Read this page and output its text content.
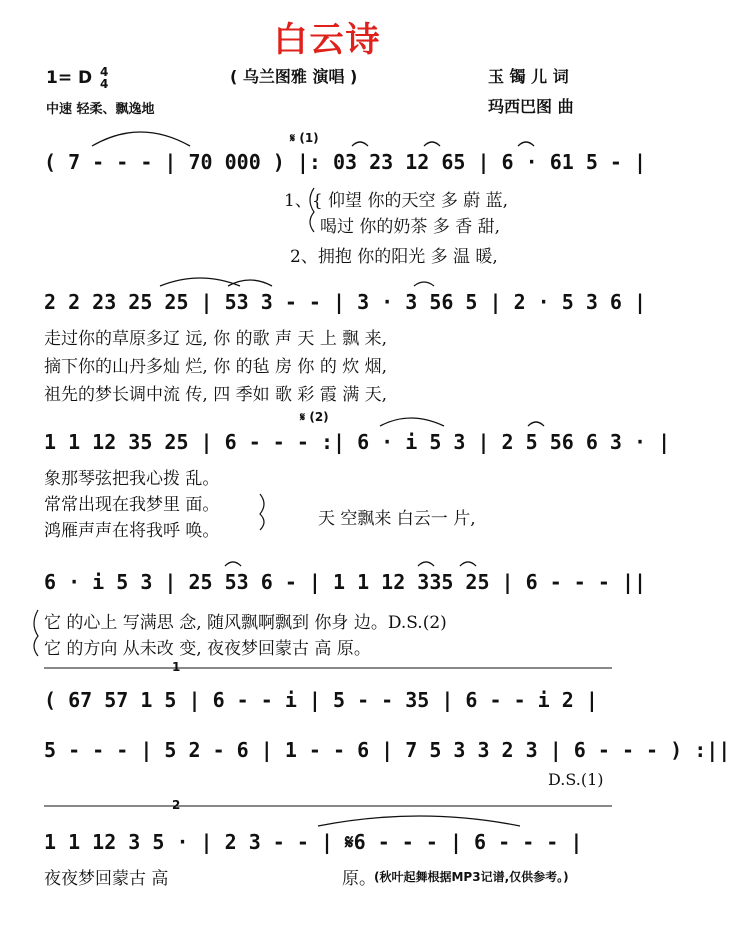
白云诗
( 乌兰图雅 演唱 )	玉 镯 儿 词
玛西巴图 曲
1= D 4
4
中速 轻柔、飘逸地
𝄋 (1)
( 7 - - - | 70 000 ) |: 03 23 12 65 | 6 · 61 5 - |
1、{ 仰望 你的天空 多 蔚 蓝,
喝过 你的奶茶 多 香 甜,
2、拥抱 你的阳光 多 温 暖,
2 2 23 25 25 | 53 3 - - | 3 · 3 56 5 | 2 · 5 3 6 |
走过你的草原多辽 远, 你 的歌 声 天 上 飘 来,
摘下你的山丹多灿 烂, 你 的毡 房 你 的 炊 烟,
祖先的梦长调中流 传, 四 季如 歌 彩 霞 满 天,
𝄋 (2)
1 1 12 35 25 | 6 - - - :| 6 · i 5 3 | 2 5 56 6 3 · |
象那琴弦把我心拨 乱。
常常出现在我梦里 面。
鸿雁声声在将我呼 唤。
天 空飘来 白云一 片,
6 · i 5 3 | 25 53 6 - | 1 1 12 335 25 | 6 - - - ||
它 的心上 写满思 念, 随风飘啊飘到 你身 边。D.S.(2)
它 的方向 从未改 变, 夜夜梦回蒙古 高 原。
1
( 67 57 1 5 | 6 - - i | 5 - - 35 | 6 - - i 2 |
5 - - - | 5 2 - 6 | 1 - - 6 | 7 5 3 3 2 3 | 6 - - - ) :||
D.S.(1)
2
1 1 12 3 5 · | 2 3 - - | 𝄋6 - - - | 6 - - - |
夜夜梦回蒙古 高	原。
(秋叶起舞根据MP3记谱,仅供参考。)
